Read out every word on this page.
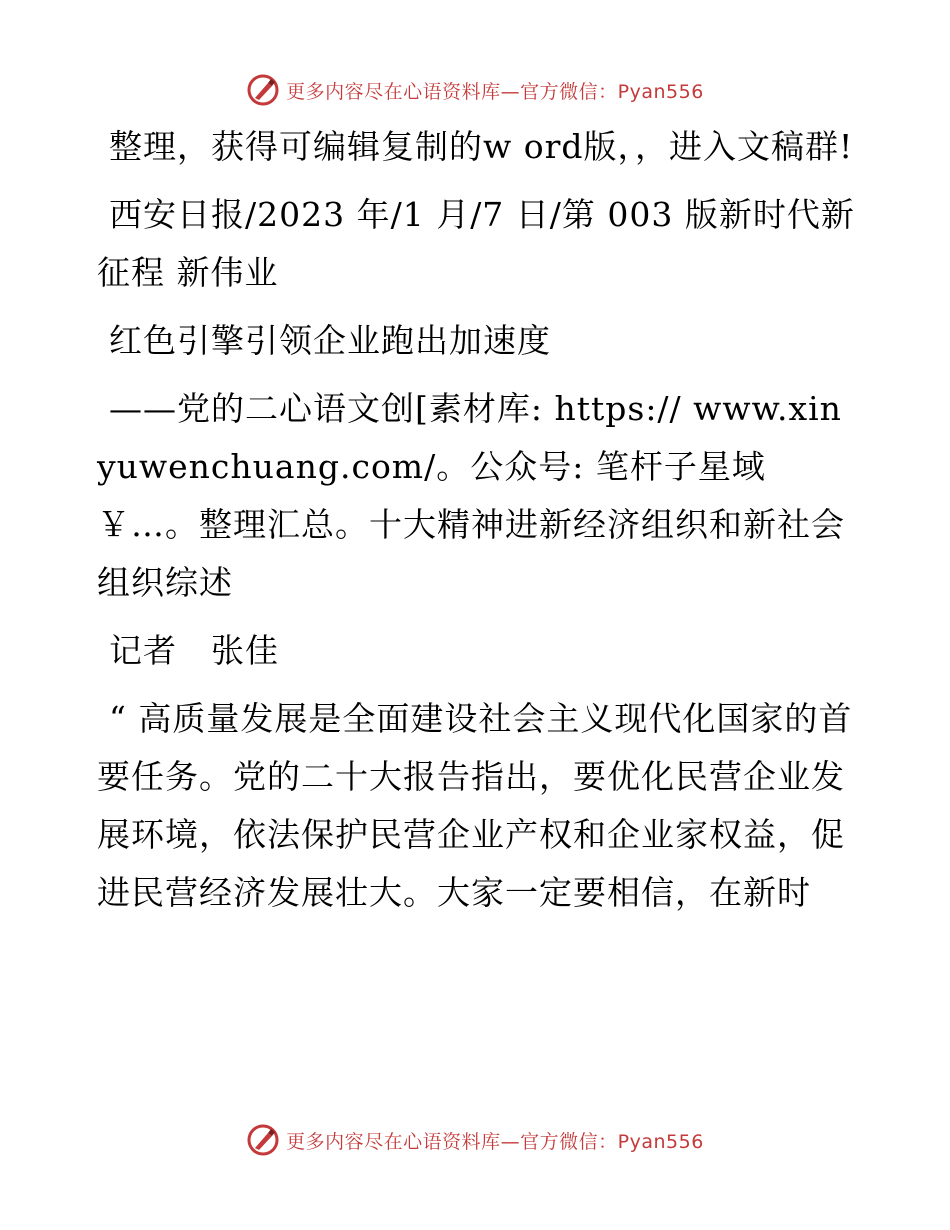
更多内容尽在心语资料库—官方微信：Pyan556

整理，获得可编辑复制的w ord版，，进入文稿群!

西安日报/2023 年/1 月/7 日/第 003 版新时代新征程 新伟业

红色引擎引领企业跑出加速度

——党的二心语文创[素材库: https:// www.xinyuwenchuang.com/。公众号: 笔杆子星域￥…。整理汇总。十大精神进新经济组织和新社会组织综述

记者　张佳

“ 高质量发展是全面建设社会主义现代化国家的首要任务。党的二十大报告指出，要优化民营企业发展环境，依法保护民营企业产权和企业家权益，促进民营经济发展壮大。大家一定要相信，在新时

更多内容尽在心语资料库—官方微信：Pyan556
